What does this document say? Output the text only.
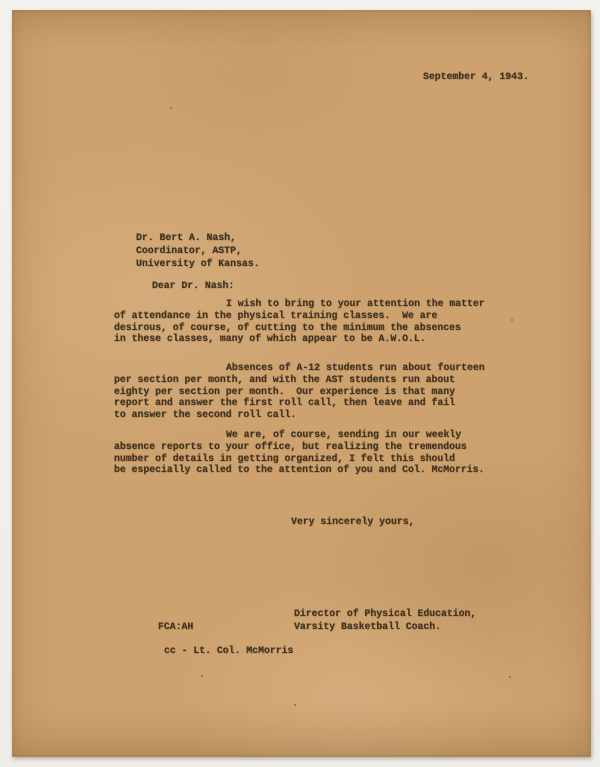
September 4, 1943.
Dr. Bert A. Nash,
Coordinator, ASTP,
University of Kansas.
Dear Dr. Nash:
I wish to bring to your attention the matter
of attendance in the physical training classes.  We are
desirous, of course, of cutting to the minimum the absences
in these classes, many of which appear to be A.W.O.L.
Absences of A-12 students run about fourteen
per section per month, and with the AST students run about
eighty per section per month.  Our experience is that many
report and answer the first roll call, then leave and fail
to answer the second roll call.
We are, of course, sending in our weekly
absence reports to your office, but realizing the tremendous
number of details in getting organized, I felt this should
be especially called to the attention of you and Col. McMorris.
Very sincerely yours,
Director of Physical Education,
Varsity Basketball Coach.
FCA:AH
cc - Lt. Col. McMorris
